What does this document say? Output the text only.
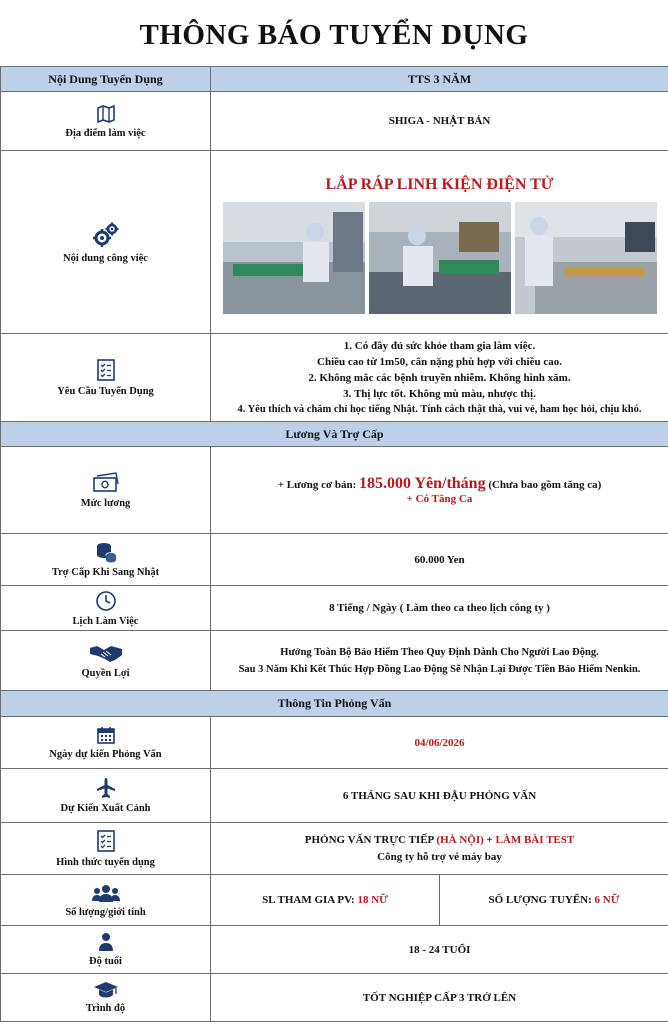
THÔNG BÁO TUYỂN DỤNG
Nội Dung Tuyển Dụng	TTS 3 NĂM

Địa điểm làm việc
	SHIGA - NHẬT BẢN

Nội dung công việc

LẮP RÁP LINH KIỆN ĐIỆN TỬ

Yêu Cầu Tuyển Dụng

1. Có đầy đủ sức khỏe tham gia làm việc.
Chiều cao từ 1m50, cân nặng phù hợp với chiều cao.
2. Không mắc các bệnh truyền nhiễm. Không hình xăm.
3. Thị lực tốt. Không mù màu, nhược thị.
4. Yêu thích và chăm chỉ học tiếng Nhật. Tính cách thật thà, vui vẻ, ham học hỏi, chịu khó.

Lương Và Trợ Cấp

Mức lương

+ Lương cơ bản: 185.000 Yên/tháng (Chưa bao gồm tăng ca)
+ Có Tăng Ca

Trợ Cấp Khi Sang Nhật
	60.000 Yen

Lịch Làm Việc
	8 Tiếng / Ngày ( Làm theo ca theo lịch công ty )

Quyền Lợi

Hưởng Toàn Bộ Bảo Hiểm Theo Quy Định Dành Cho Người Lao Động.
Sau 3 Năm Khi Kết Thúc Hợp Đồng Lao Động Sẽ Nhận Lại Được Tiền Bảo Hiểm Nenkin.

Thông Tin Phỏng Vấn

Ngày dự kiến Phỏng Vấn
	04/06/2026

Dự Kiến Xuất Cảnh
	6 THÁNG SAU KHI ĐẬU PHỎNG VẤN

Hình thức tuyển dụng

PHỎNG VẤN TRỰC TIẾP (HÀ NỘI) + LÀM BÀI TEST
Công ty hỗ trợ vé máy bay

Số lượng/giới tính

SL THAM GIA PV: 18 NỮ	SỐ LƯỢNG TUYỂN: 6 NỮ

Độ tuổi
	18 - 24 TUỔI

Trình độ
	TỐT NGHIỆP CẤP 3 TRỞ LÊN
